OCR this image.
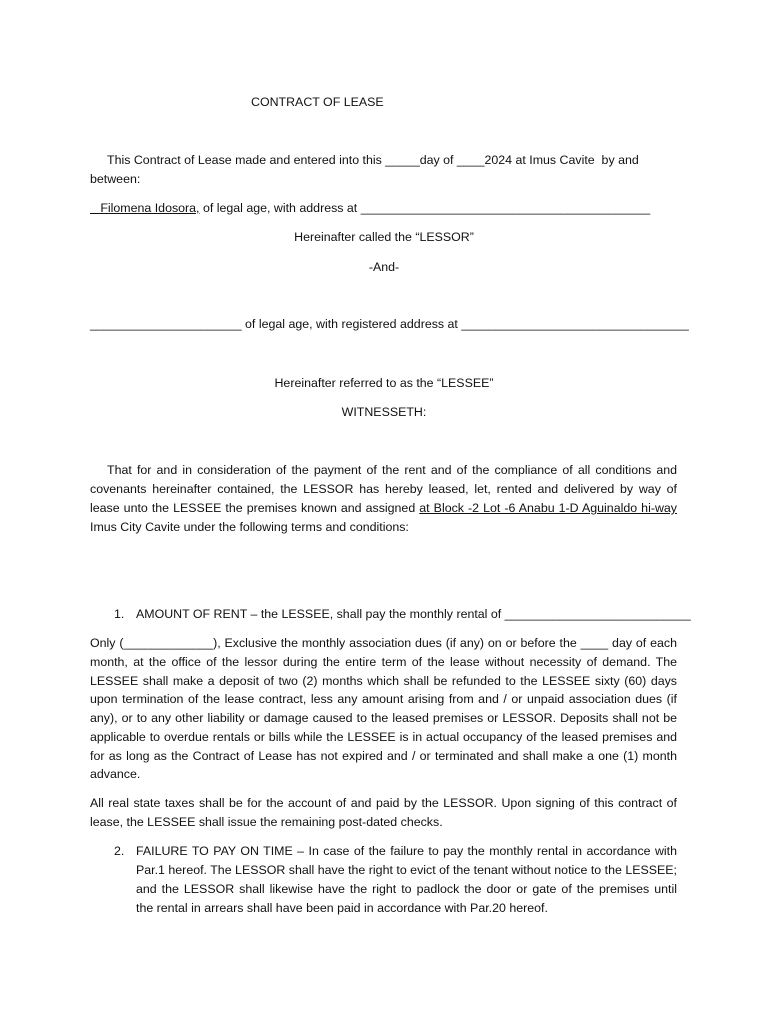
CONTRACT OF LEASE
This Contract of Lease made and entered into this _____day of ____2024 at Imus Cavite  by and
between:
Filomena Idosora, of legal age, with address at __________________________________________
Hereinafter called the “LESSOR”
-And-
______________________ of legal age, with registered address at _________________________________
Hereinafter referred to as the “LESSEE”
WITNESSETH:
That for and in consideration of the payment of the rent and of the compliance of all conditions and
covenants hereinafter contained, the LESSOR has hereby leased, let, rented and delivered by way of
lease unto the LESSEE the premises known and assigned at Block -2 Lot -6 Anabu 1-D Aguinaldo hi-way
Imus City Cavite under the following terms and conditions:
1. AMOUNT OF RENT – the LESSEE, shall pay the monthly rental of ___________________________
Only (_____________), Exclusive the monthly association dues (if any) on or before the ____ day of each
month, at the office of the lessor during the entire term of the lease without necessity of demand. The
LESSEE shall make a deposit of two (2) months which shall be refunded to the LESSEE sixty (60) days
upon termination of the lease contract, less any amount arising from and / or unpaid association dues (if
any), or to any other liability or damage caused to the leased premises or LESSOR. Deposits shall not be
applicable to overdue rentals or bills while the LESSEE is in actual occupancy of the leased premises and
for as long as the Contract of Lease has not expired and / or terminated and shall make a one (1) month
advance.
All real state taxes shall be for the account of and paid by the LESSOR. Upon signing of this contract of
lease, the LESSEE shall issue the remaining post-dated checks.
2. FAILURE TO PAY ON TIME – In case of the failure to pay the monthly rental in accordance with
Par.1 hereof. The LESSOR shall have the right to evict of the tenant without notice to the LESSEE;
and the LESSOR shall likewise have the right to padlock the door or gate of the premises until
the rental in arrears shall have been paid in accordance with Par.20 hereof.
